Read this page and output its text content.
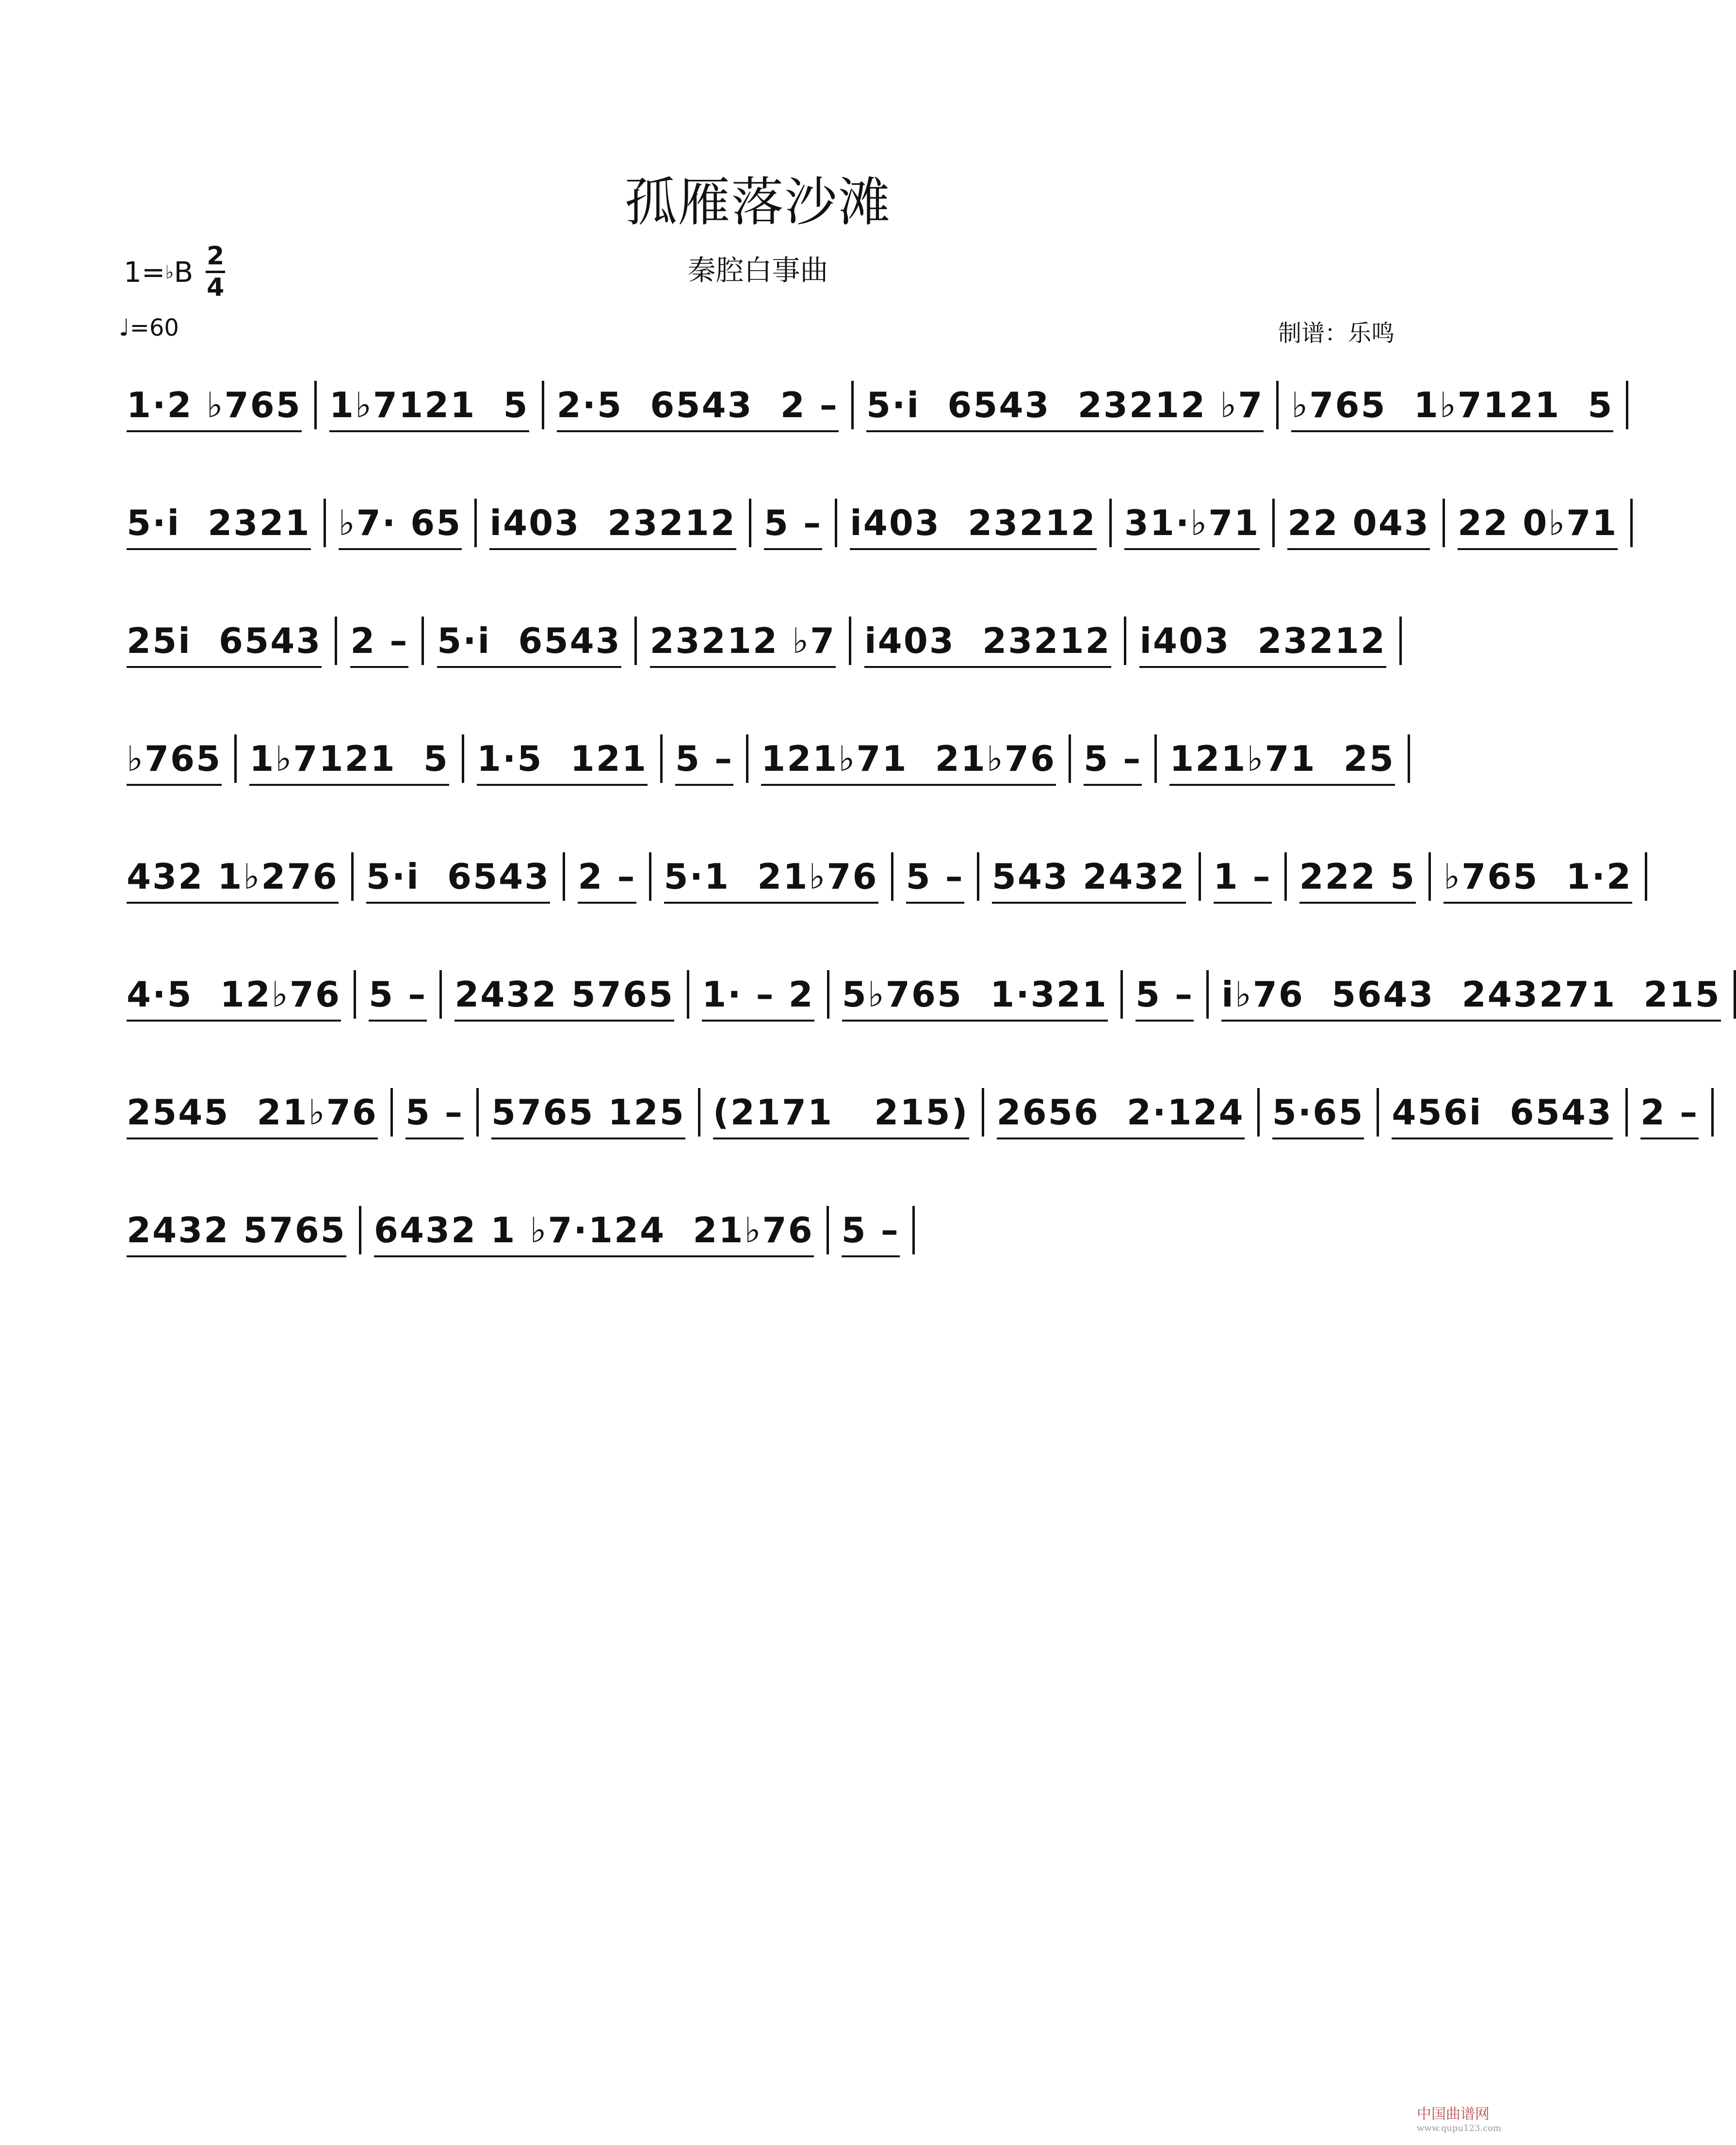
孤雁落沙滩
秦腔白事曲
1= ♭ B 2
4
♩=60	制谱：乐鸣
1·2 ♭765 1♭7121  5 2·5  6543  2 – 5·i  6543  23212 ♭7 ♭765  1♭7121  5
5·i  2321 ♭7· 65 i403  23212 5 – i403  23212 31·♭71 22 043 22 0♭71
25i  6543 2 – 5·i  6543 23212 ♭7 i403  23212 i403  23212
♭765 1♭7121  5 1·5  121 5 – 121♭71  21♭76 5 – 121♭71  25
432 1♭276 5·i  6543 2 – 5·1  21♭76 5 – 543 2432 1 – 222 5 ♭765  1·2
4·5  12♭76 5 – 2432 5765 1· – 2 5♭765  1·321 5 – i♭76  5643  243271  215
2545  21♭76 5 – 5765 125 (2171   215) 2656  2·124 5·65 456i  6543 2 –
2432 5765 6432 1 ♭7·124  21♭76 5 –
中国曲谱网
www.qupu123.com
